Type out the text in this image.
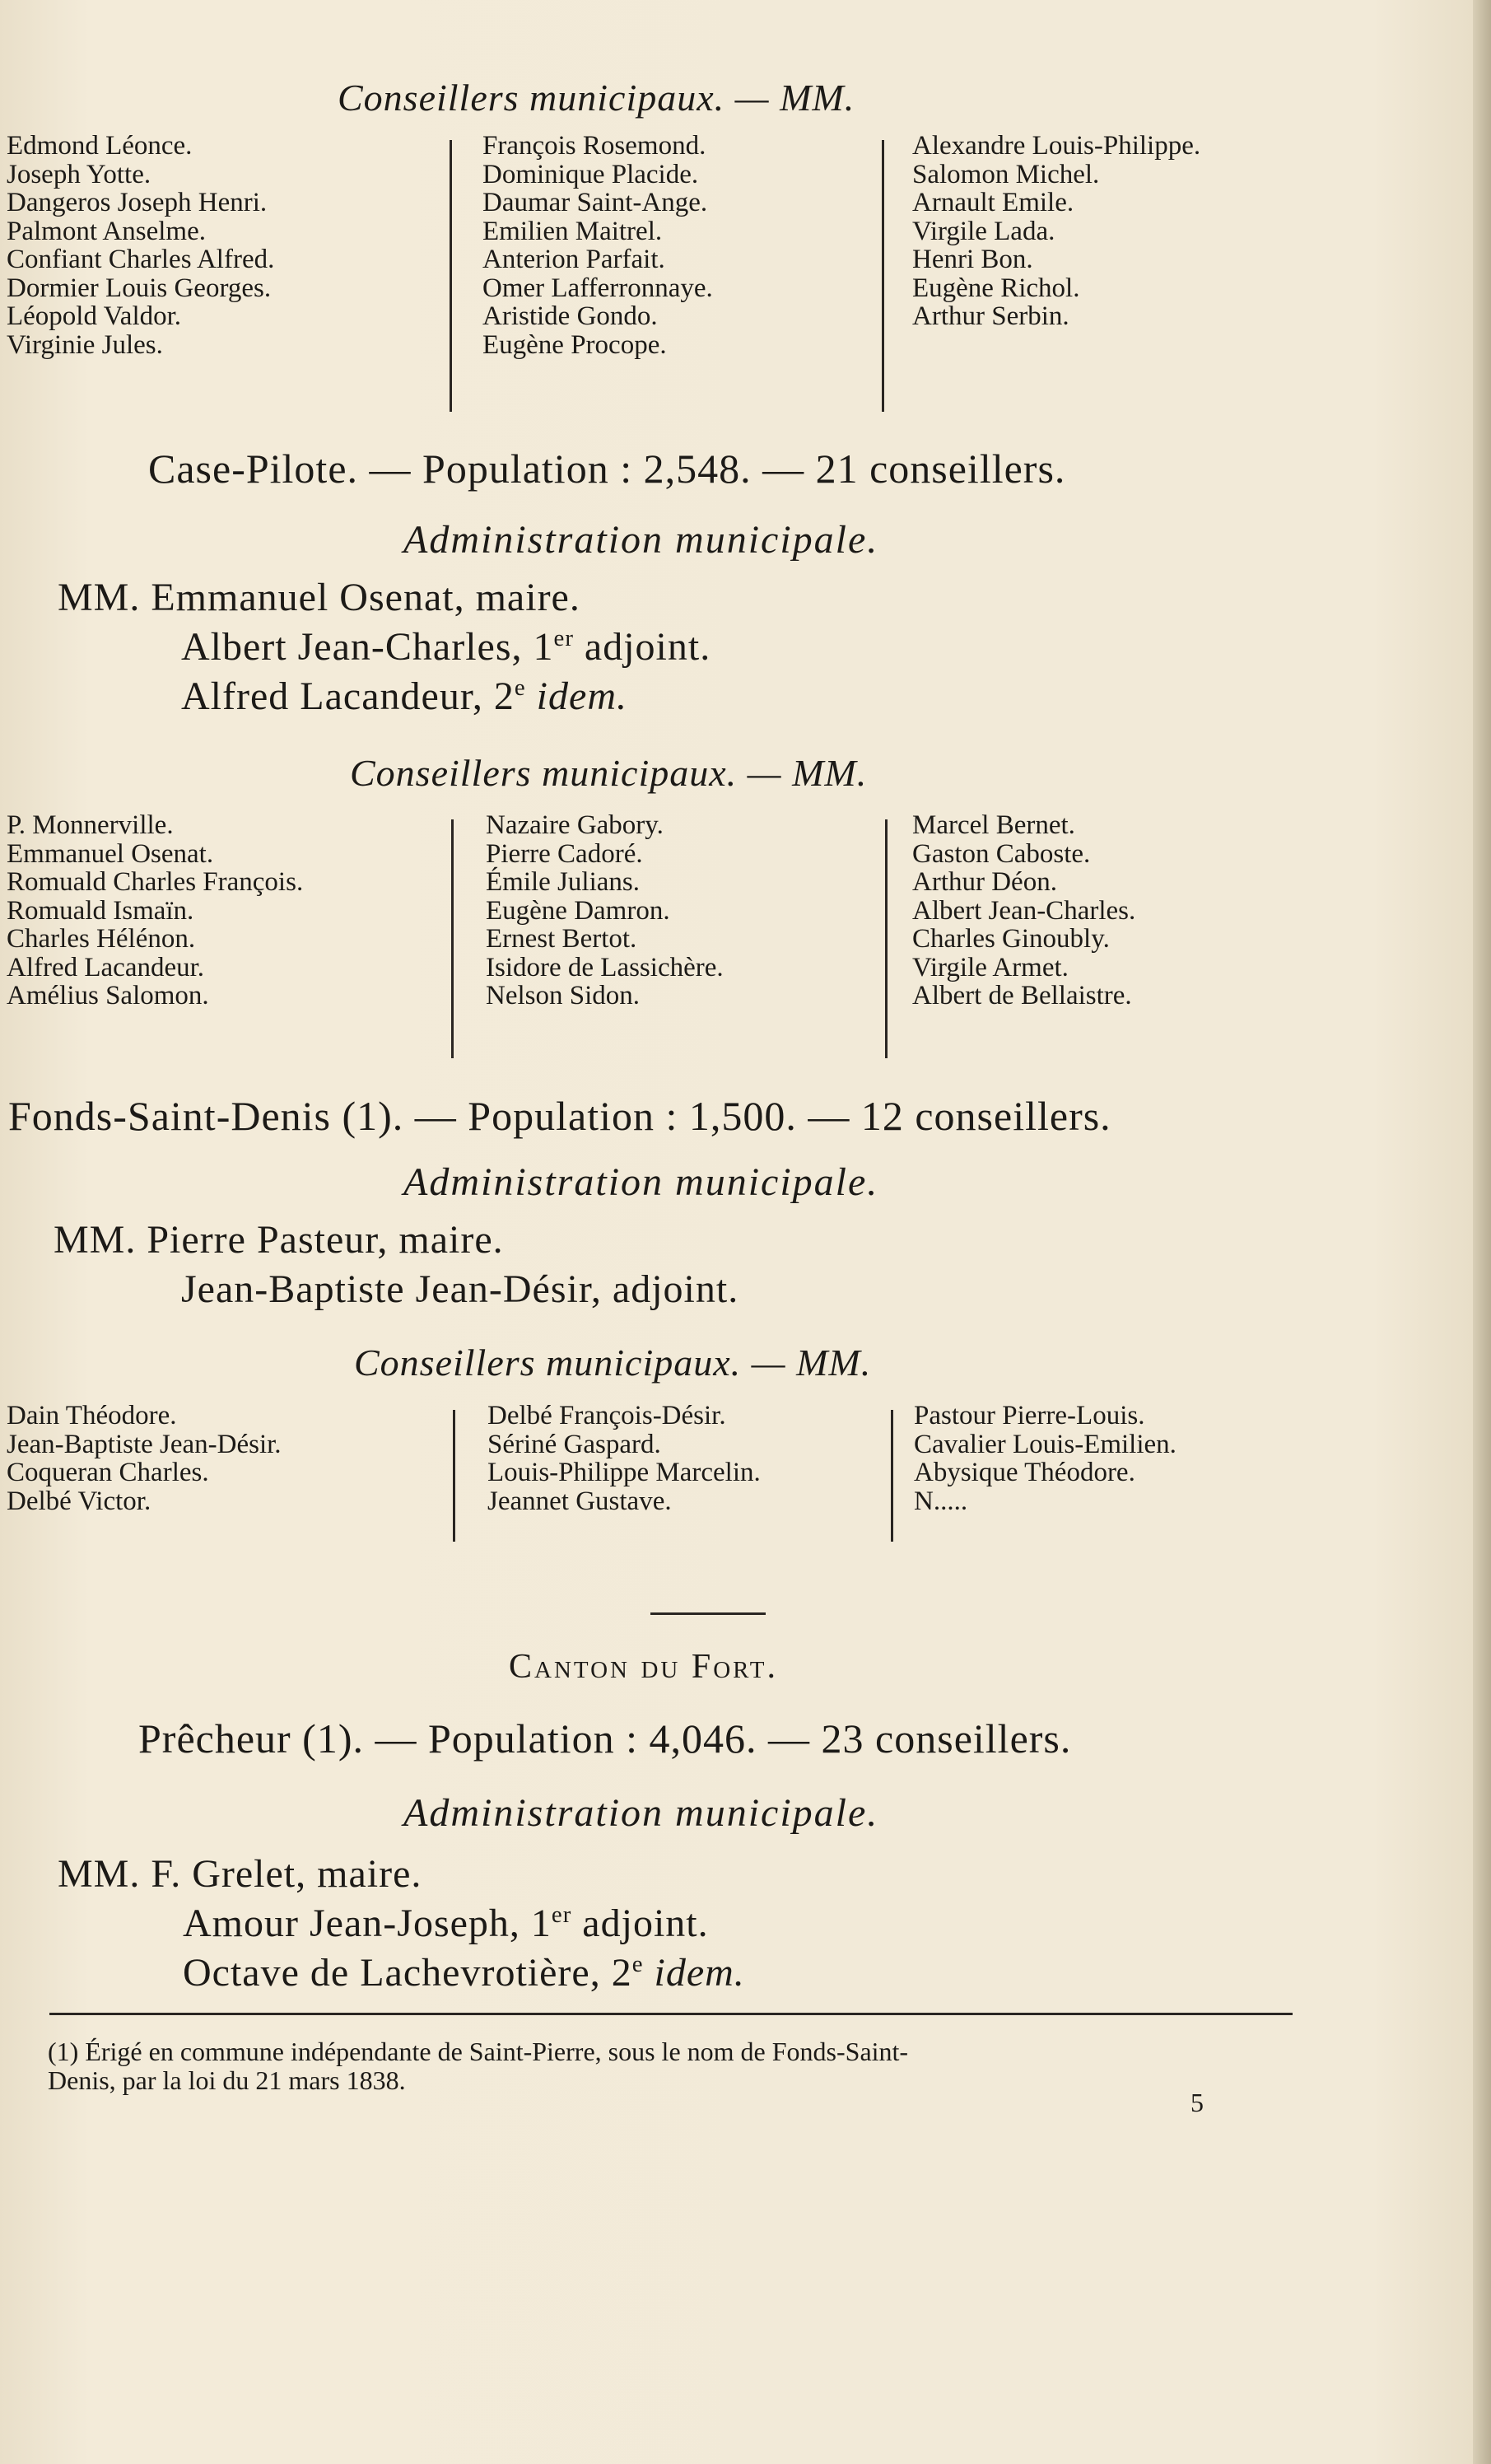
Conseillers municipaux. — MM.
Edmond Léonce.
Joseph Yotte.
Dangeros Joseph Henri.
Palmont Anselme.
Confiant Charles Alfred.
Dormier Louis Georges.
Léopold Valdor.
Virginie Jules.
François Rosemond.
Dominique Placide.
Daumar Saint-Ange.
Emilien Maitrel.
Anterion Parfait.
Omer Lafferronnaye.
Aristide Gondo.
Eugène Procope.
Alexandre Louis-Philippe.
Salomon Michel.
Arnault Emile.
Virgile Lada.
Henri Bon.
Eugène Richol.
Arthur Serbin.
Case-Pilote. — Population : 2,548. — 21 conseillers.
Administration municipale.
MM. Emmanuel Osenat, maire.
Albert Jean-Charles, 1er adjoint.
Alfred Lacandeur, 2e idem.
Conseillers municipaux. — MM.
P. Monnerville.
Emmanuel Osenat.
Romuald Charles François.
Romuald Ismaïn.
Charles Hélénon.
Alfred Lacandeur.
Amélius Salomon.
Nazaire Gabory.
Pierre Cadoré.
Émile Julians.
Eugène Damron.
Ernest Bertot.
Isidore de Lassichère.
Nelson Sidon.
Marcel Bernet.
Gaston Caboste.
Arthur Déon.
Albert Jean-Charles.
Charles Ginoubly.
Virgile Armet.
Albert de Bellaistre.
Fonds-Saint-Denis (1). — Population : 1,500. — 12 conseillers.
Administration municipale.
MM. Pierre Pasteur, maire.
Jean-Baptiste Jean-Désir, adjoint.
Conseillers municipaux. — MM.
Dain Théodore.
Jean-Baptiste Jean-Désir.
Coqueran Charles.
Delbé Victor.
Delbé François-Désir.
Sériné Gaspard.
Louis-Philippe Marcelin.
Jeannet Gustave.
Pastour Pierre-Louis.
Cavalier Louis-Emilien.
Abysique Théodore.
N.....
Canton du Fort.
Prêcheur (1). — Population : 4,046. — 23 conseillers.
Administration municipale.
MM. F. Grelet, maire.
Amour Jean-Joseph, 1er adjoint.
Octave de Lachevrotière, 2e idem.
(1) Érigé en commune indépendante de Saint-Pierre, sous le nom de Fonds-Saint-
Denis, par la loi du 21 mars 1838.
5
